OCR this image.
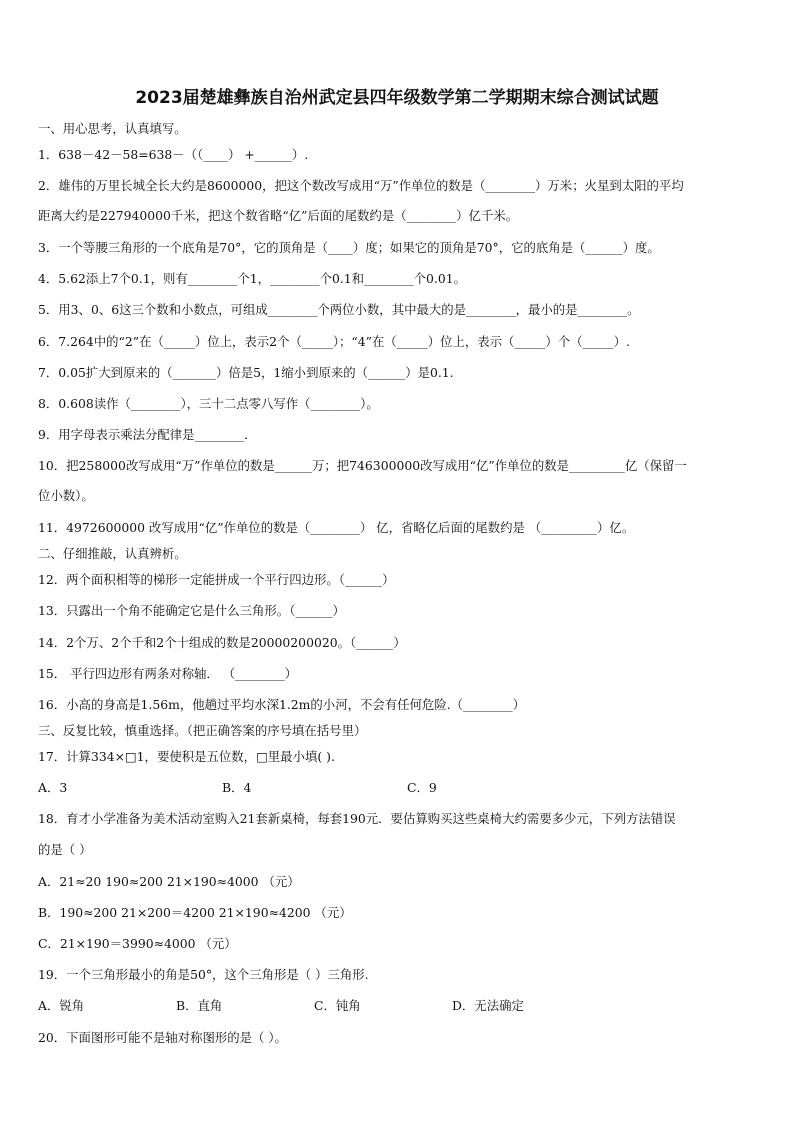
2023届楚雄彝族自治州武定县四年级数学第二学期期末综合测试试题
一、用心思考，认真填写。
1．638－42－58=638－（（____） +______）.
2．雄伟的万里长城全长大约是8600000，把这个数改写成用“万”作单位的数是（________）万米；火星到太阳的平均
距离大约是227940000千米，把这个数省略“亿”后面的尾数约是（________）亿千米。
3．一个等腰三角形的一个底角是70°，它的顶角是（____）度；如果它的顶角是70°，它的底角是（______）度。
4．5.62添上7个0.1，则有________个1，________个0.1和________个0.01。
5．用3、0、6这三个数和小数点，可组成________个两位小数，其中最大的是________，最小的是________。
6．7.264中的“2”在（_____）位上，表示2个（_____）；“4”在（_____）位上，表示（_____）个（_____）.
7．0.05扩大到原来的（_______）倍是5，1缩小到原来的（______）是0.1.
8．0.608读作（________），三十二点零八写作（________）。
9．用字母表示乘法分配律是________．
10．把258000改写成用“万”作单位的数是______万；把746300000改写成用“亿”作单位的数是_________亿（保留一
位小数）。
11．4972600000 改写成用“亿”作单位的数是（________） 亿，省略亿后面的尾数约是 （_________）亿。
二、仔细推敲，认真辨析。
12．两个面积相等的梯形一定能拼成一个平行四边形。（______）
13．只露出一个角不能确定它是什么三角形。（______）
14．2个万、2个千和2个十组成的数是20000200020。（______）
15． 平行四边形有两条对称轴． （________）
16．小高的身高是1.56m，他趟过平均水深1.2m的小河，不会有任何危险.（________）
三、反复比较，慎重选择。（把正确答案的序号填在括号里）
17．计算334×□1，要使积是五位数，□里最小填( ).
A．3	B．4	C．9
18．育才小学准备为美术活动室购入21套新桌椅，每套190元．要估算购买这些桌椅大约需要多少元，下列方法错误
的是（ ）
A．21≈20 190≈200 21×190≈4000 （元）
B．190≈200 21×200＝4200 21×190≈4200 （元）
C．21×190＝3990≈4000 （元）
19．一个三角形最小的角是50°，这个三角形是（ ）三角形.
A．锐角	B．直角	C．钝角	D．无法确定
20．下面图形可能不是轴对称图形的是（ ）。
